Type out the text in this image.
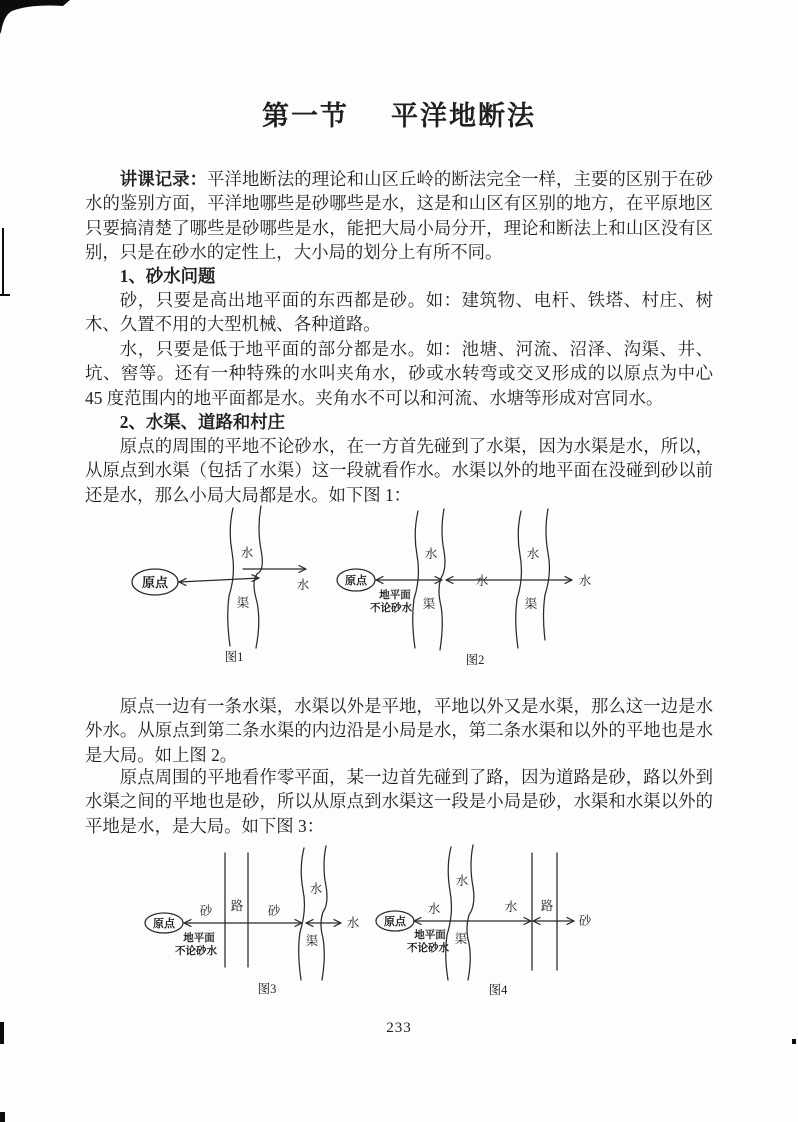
第一节 平洋地断法
讲课记录：平洋地断法的理论和山区丘岭的断法完全一样，主要的区别于在砂水的鉴别方面，平洋地哪些是砂哪些是水，这是和山区有区别的地方，在平原地区只要搞清楚了哪些是砂哪些是水，能把大局小局分开，理论和断法上和山区没有区别，只是在砂水的定性上，大小局的划分上有所不同。
1、砂水问题
砂，只要是高出地平面的东西都是砂。如：建筑物、电杆、铁塔、村庄、树木、久置不用的大型机械、各种道路。
水，只要是低于地平面的部分都是水。如：池塘、河流、沼泽、沟渠、井、坑、窖等。还有一种特殊的水叫夹角水，砂或水转弯或交叉形成的以原点为中心 45 度范围内的地平面都是水。夹角水不可以和河流、水塘等形成对宫同水。
2、水渠、道路和村庄
原点的周围的平地不论砂水，在一方首先碰到了水渠，因为水渠是水，所以，从原点到水渠（包括了水渠）这一段就看作水。水渠以外的地平面在没碰到砂以前还是水，那么小局大局都是水。如下图 1：
原点
水
渠
水
图1
原点
水
渠
水
水
渠
水
地平面
不论砂水
图2
原点一边有一条水渠，水渠以外是平地，平地以外又是水渠，那么这一边是水外水。从原点到第二条水渠的内边沿是小局是水，第二条水渠和以外的平地也是水是大局。如上图 2。
原点周围的平地看作零平面，某一边首先碰到了路，因为道路是砂，路以外到水渠之间的平地也是砂，所以从原点到水渠这一段是小局是砂，水渠和水渠以外的平地是水，是大局。如下图 3：
原点
砂 路 砂
水
渠
水
地平面
不论砂水
图3
原点
水
水
渠
水 路
砂
地平面
不论砂水
图4
233
